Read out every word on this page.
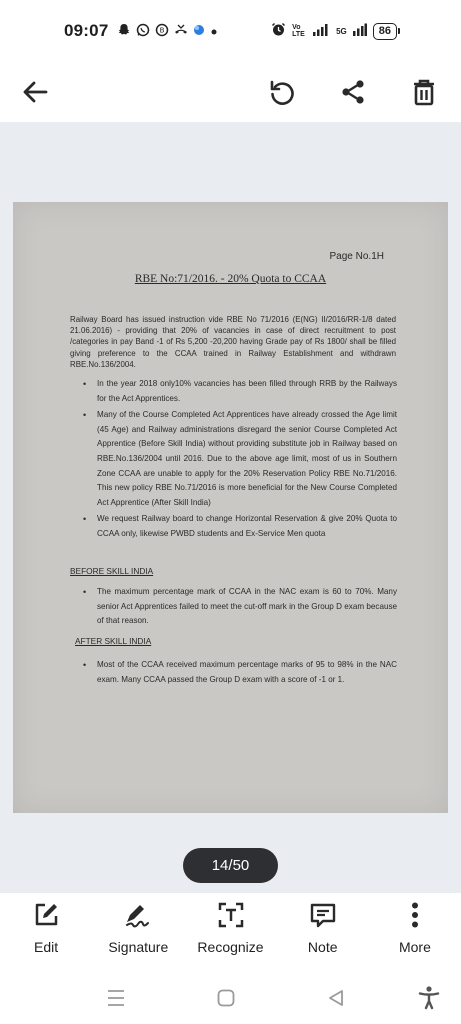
09:07	B	Vo LTE	5G	86
Page No.1H
RBE No:71/2016. - 20% Quota to CCAA
Railway Board has issued instruction vide RBE No 71/2016 (E(NG) II/2016/RR-1/8 dated 21.06.2016) - providing that 20% of vacancies in case of direct recruitment to post /categories in pay Band -1 of Rs 5,200 -20,200 having Grade pay of Rs 1800/ shall be filled giving preference to the CCAA trained in Railway Establishment and withdrawn RBE.No.136/2004.
• In the year 2018 only10% vacancies has been filled through RRB by the Railways for the Act Apprentices.
• Many of the Course Completed Act Apprentices have already crossed the Age limit (45 Age) and Railway administrations disregard the senior Course Completed Act Apprentice (Before Skill India) without providing substitute job in Railway based on RBE.No.136/2004 until 2016. Due to the above age limit, most of us in Southern Zone CCAA are unable to apply for the 20% Reservation Policy RBE No.71/2016. This new policy RBE No.71/2016 is more beneficial for the New Course Completed Act Apprentice (After Skill India)
• We request Railway board to change Horizontal Reservation & give 20% Quota to CCAA only, likewise PWBD students and Ex-Service Men quota
BEFORE SKILL INDIA
• The maximum percentage mark of CCAA in the NAC exam is 60 to 70%. Many senior Act Apprentices failed to meet the cut-off mark in the Group D exam because of that reason.
AFTER SKILL INDIA
• Most of the CCAA received maximum percentage marks of 95 to 98% in the NAC exam. Many CCAA passed the Group D exam with a score of -1 or 1.
14/50
Edit	Signature Recognize	Note	More
